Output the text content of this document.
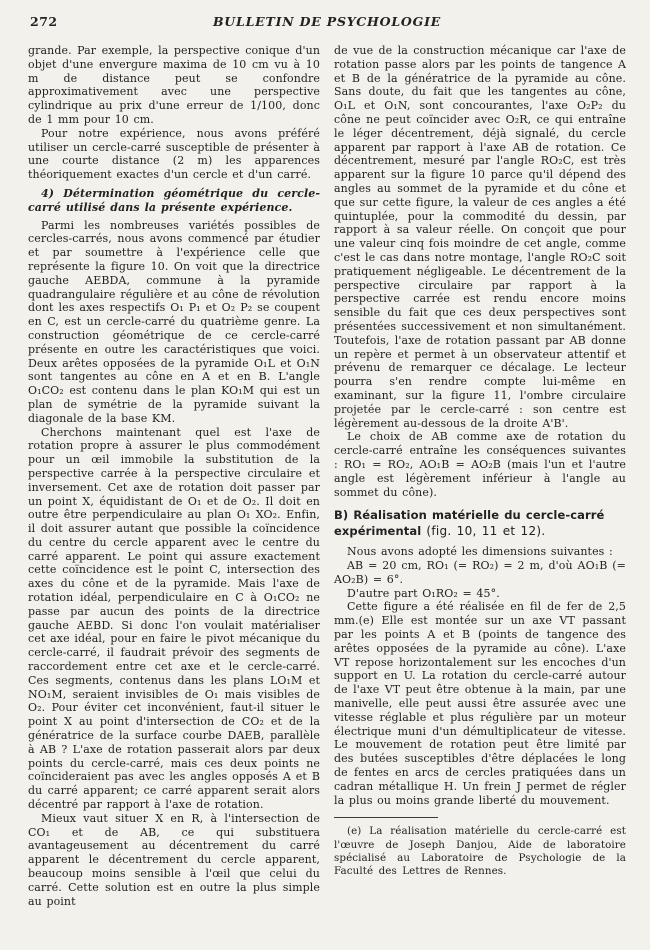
272	BULLETIN DE PSYCHOLOGIE

grande. Par exemple, la perspective conique d'un objet d'une envergure maxima de 10 cm vu à 10 m de distance peut se confondre approximativement avec une perspective cylindrique au prix d'une erreur de 1/100, donc de 1 mm pour 10 cm.

Pour notre expérience, nous avons préféré utiliser un cercle-carré susceptible de présenter à une courte distance (2 m) les apparences théoriquement exactes d'un cercle et d'un carré.

4) Détermination géométrique du cercle-carré utilisé dans la présente expérience.

Parmi les nombreuses variétés possibles de cercles-carrés, nous avons commencé par étudier et par soumettre à l'expérience celle que représente la figure 10. On voit que la directrice gauche AEBDA, commune à la pyramide quadrangulaire régulière et au cône de révolution dont les axes respectifs O₁ P₁ et O₂ P₂ se coupent en C, est un cercle-carré du quatrième genre. La construction géométrique de ce cercle-carré présente en outre les caractéristiques que voici. Deux arêtes opposées de la pyramide O₁L et O₁N sont tangentes au cône en A et en B. L'angle O₁CO₂ est contenu dans le plan KO₁M qui est un plan de symétrie de la pyramide suivant la diagonale de la base KM.

Cherchons maintenant quel est l'axe de rotation propre à assurer le plus commodément pour un œil immobile la substitution de la perspective carrée à la perspective circulaire et inversement. Cet axe de rotation doit passer par un point X, équidistant de O₁ et de O₂. Il doit en outre être perpendiculaire au plan O₁ XO₂. Enfin, il doit assurer autant que possible la coïncidence du centre du cercle apparent avec le centre du carré apparent. Le point qui assure exactement cette coïncidence est le point C, intersection des axes du cône et de la pyramide. Mais l'axe de rotation idéal, perpendiculaire en C à O₁CO₂ ne passe par aucun des points de la directrice gauche AEBD. Si donc l'on voulait matérialiser cet axe idéal, pour en faire le pivot mécanique du cercle-carré, il faudrait prévoir des segments de raccordement entre cet axe et le cercle-carré. Ces segments, contenus dans les plans LO₁M et NO₁M, seraient invisibles de O₁ mais visibles de O₂. Pour éviter cet inconvénient, faut-il situer le point X au point d'intersection de CO₂ et de la génératrice de la surface courbe DAEB, parallèle à AB ? L'axe de rotation passerait alors par deux points du cercle-carré, mais ces deux points ne coïncideraient pas avec les angles opposés A et B du carré apparent; ce carré apparent serait alors décentré par rapport à l'axe de rotation.

Mieux vaut situer X en R, à l'intersection de CO₁ et de AB, ce qui substituera avantageusement au décentrement du carré apparent le décentrement du cercle apparent, beaucoup moins sensible à l'œil que celui du carré. Cette solution est en outre la plus simple au point

de vue de la construction mécanique car l'axe de rotation passe alors par les points de tangence A et B de la génératrice de la pyramide au cône. Sans doute, du fait que les tangentes au cône, O₁L et O₁N, sont concourantes, l'axe O₂P₂ du cône ne peut coïncider avec O₂R, ce qui entraîne le léger décentrement, déjà signalé, du cercle apparent par rapport à l'axe AB de rotation. Ce décentrement, mesuré par l'angle RO₂C, est très apparent sur la figure 10 parce qu'il dépend des angles au sommet de la pyramide et du cône et que sur cette figure, la valeur de ces angles a été quintuplée, pour la commodité du dessin, par rapport à sa valeur réelle. On conçoit que pour une valeur cinq fois moindre de cet angle, comme c'est le cas dans notre montage, l'angle RO₂C soit pratiquement négligeable. Le décentrement de la perspective circulaire par rapport à la perspective carrée est rendu encore moins sensible du fait que ces deux perspectives sont présentées successivement et non simultanément. Toutefois, l'axe de rotation passant par AB donne un repère et permet à un observateur attentif et prévenu de remarquer ce décalage. Le lecteur pourra s'en rendre compte lui-même en examinant, sur la figure 11, l'ombre circulaire projetée par le cercle-carré : son centre est légèrement au-dessous de la droite A'B'.

Le choix de AB comme axe de rotation du cercle-carré entraîne les conséquences suivantes : RO₁ = RO₂, AO₁B = AO₂B (mais l'un et l'autre angle est légèrement inférieur à l'angle au sommet du cône).

B) Réalisation matérielle du cercle-carré expérimental (fig. 10, 11 et 12).

Nous avons adopté les dimensions suivantes :

AB = 20 cm, RO₁ (= RO₂) = 2 m, d'où AO₁B (= AO₂B) = 6°.

D'autre part O₁RO₂ = 45°.

Cette figure a été réalisée en fil de fer de 2,5 mm.(e) Elle est montée sur un axe VT passant par les points A et B (points de tangence des arêtes opposées de la pyramide au cône). L'axe VT repose horizontalement sur les encoches d'un support en U. La rotation du cercle-carré autour de l'axe VT peut être obtenue à la main, par une manivelle, elle peut aussi être assurée avec une vitesse réglable et plus régulière par un moteur électrique muni d'un démultiplicateur de vitesse. Le mouvement de rotation peut être limité par des butées susceptibles d'être déplacées le long de fentes en arcs de cercles pratiquées dans un cadran métallique H. Un frein J permet de régler la plus ou moins grande liberté du mouvement.

(e) La réalisation matérielle du cercle-carré est l'œuvre de Joseph Danjou, Aide de laboratoire spécialisé au Laboratoire de Psychologie de la Faculté des Lettres de Rennes.
